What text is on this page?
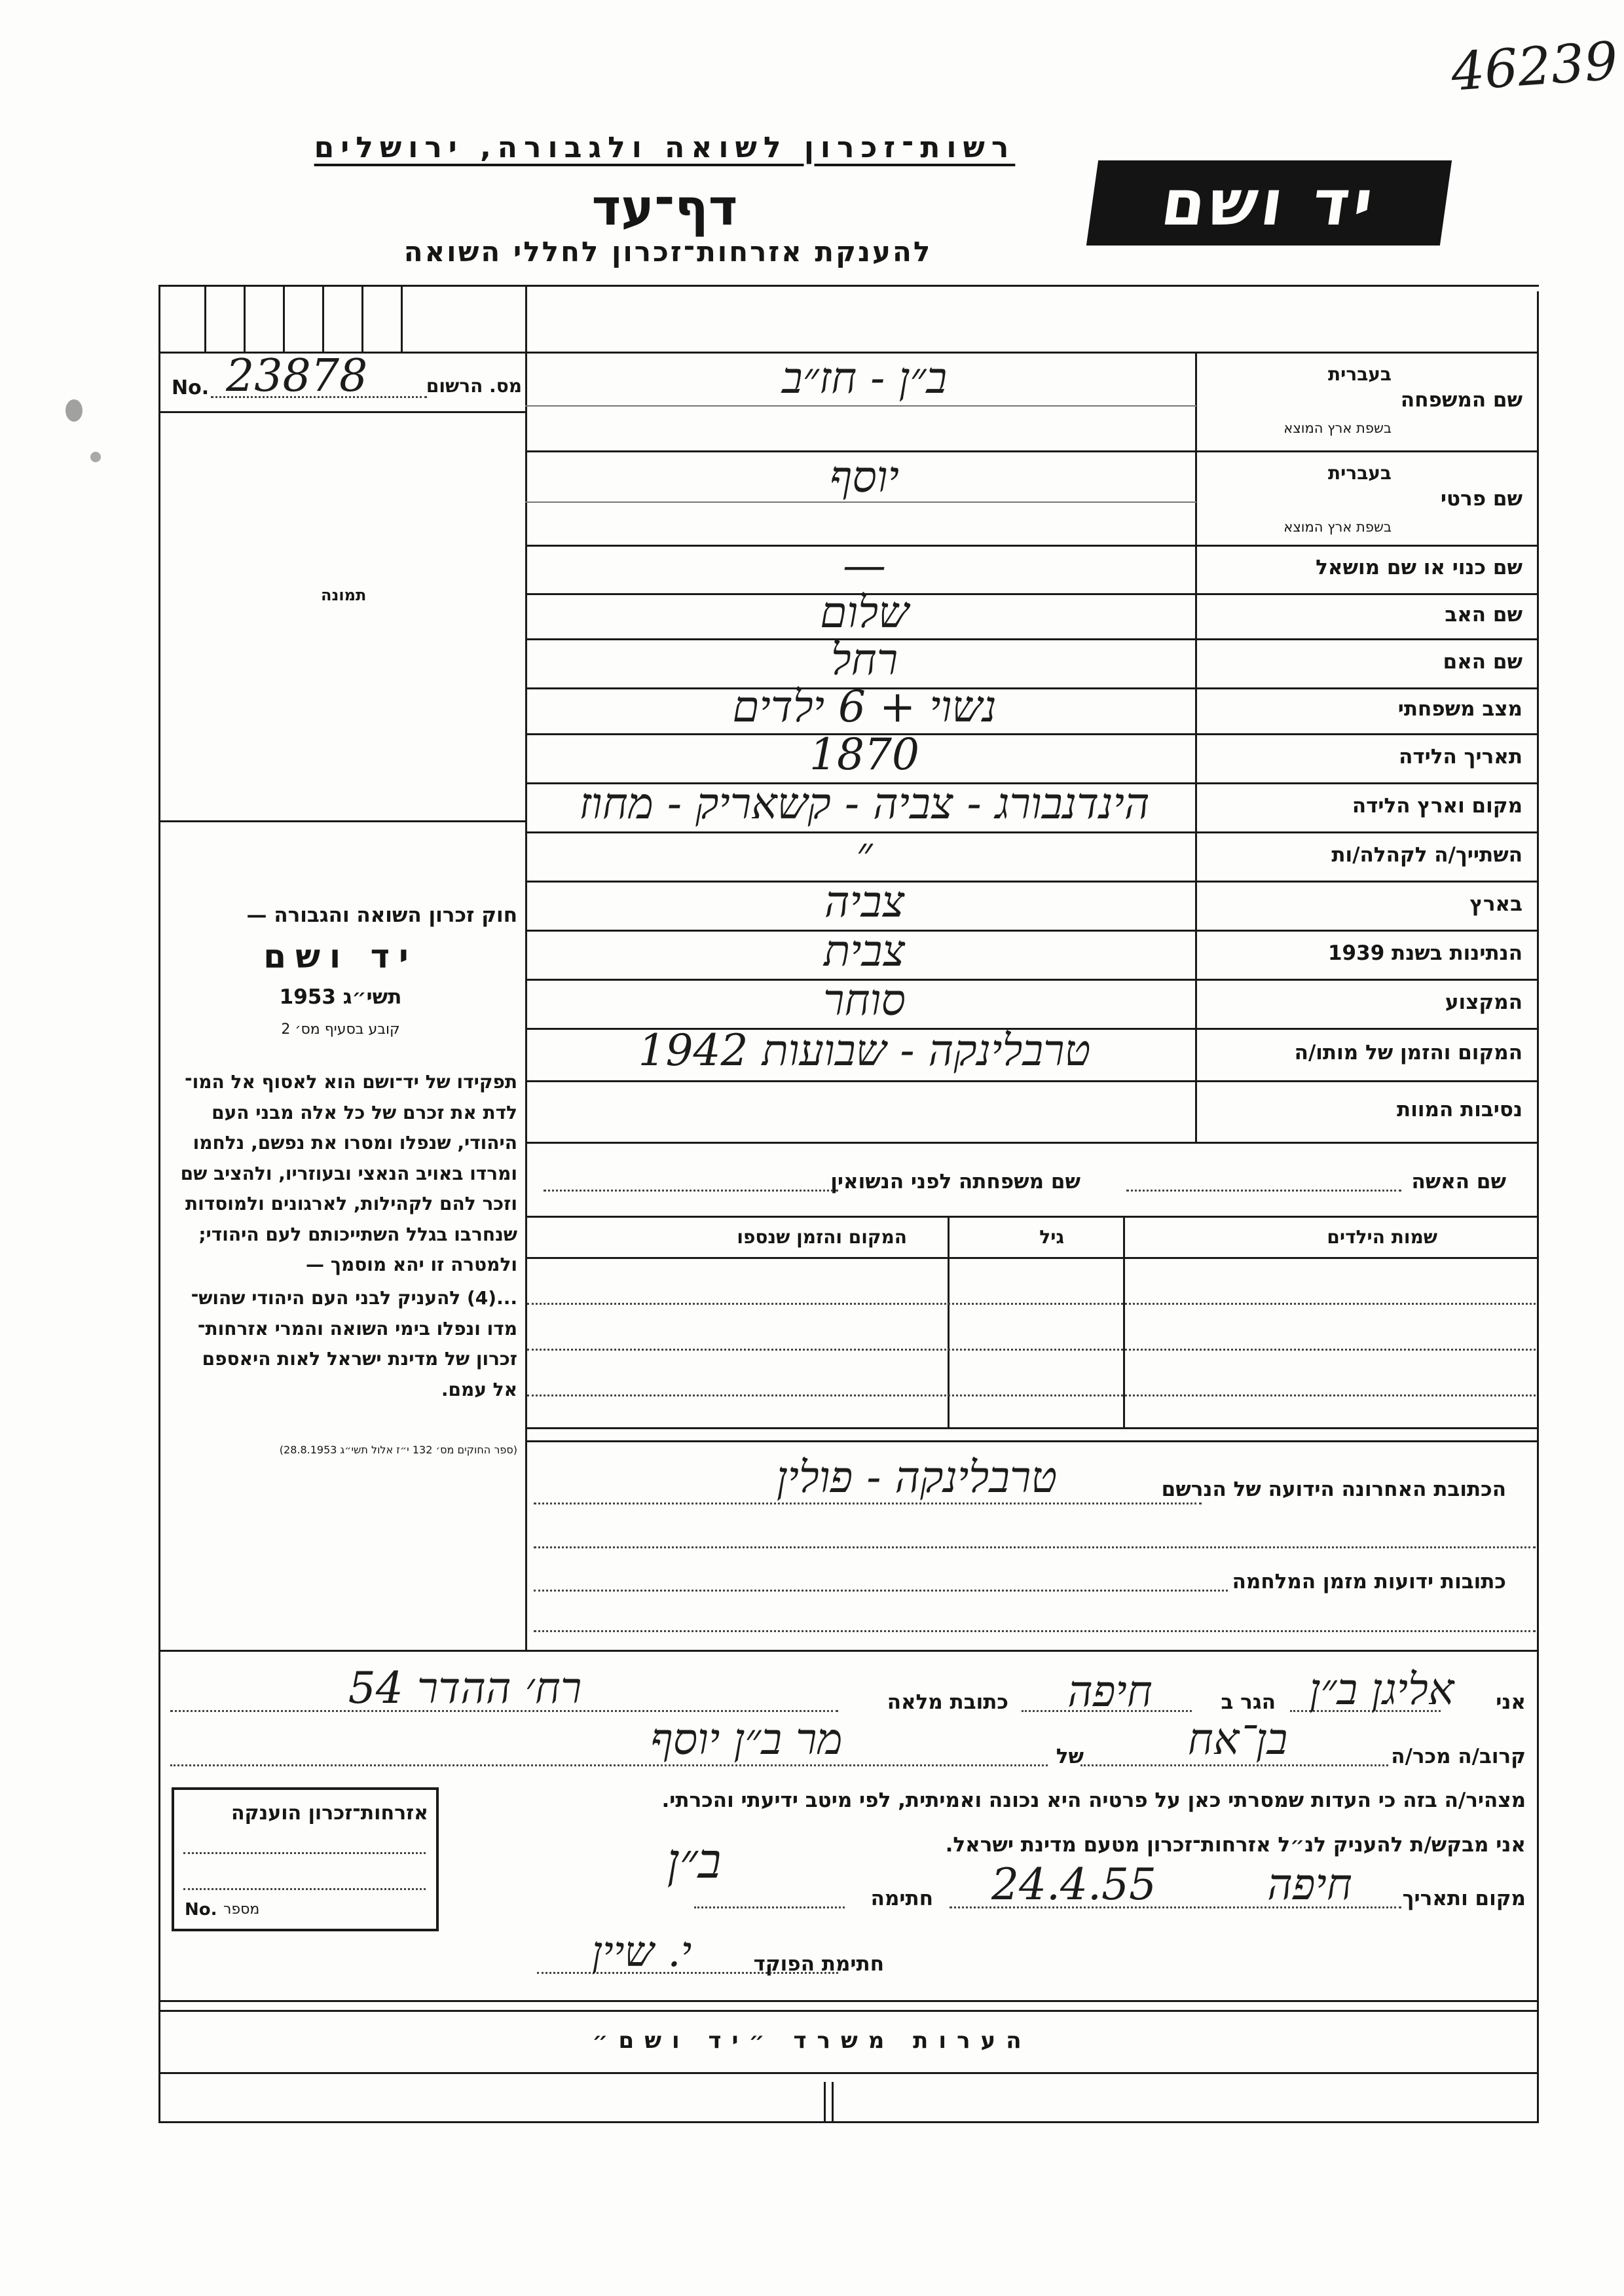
46239
רשות־זכרון לשואה ולגבורה, ירושלים
דף־עד
להענקת אזרחות־זכרון לחללי השואה
יד ושם
No. 23878	מס. הרשום
תמונה
שם המשפחה
בעברית
בשפת ארץ המוצא
ב״ן - חז״ב
שם פרטי
בעברית
בשפת ארץ המוצא
יוסף
שם כנוי או שם מושאל
—
שם האב
שלום
שם האם
רחל
מצב משפחתי
נשוי + 6 ילדים
תאריך הלידה
1870
מקום וארץ הלידה
הינדנבורג - צביה - קשאריק - מחוז
השתייך/ה לקהלה/ות
״
בארץ
צביה
הנתינות בשנת 1939
צבית
המקצוע
סוחר
המקום והזמן של מותו/ה
טרבלינקה - שבועות 1942
נסיבות המוות
חוק זכרון השואה והגבורה —
יד ושם
תשי״ג 1953
קובע בסעיף מס׳ 2
תפקידו של יד־ושם הוא לאסוף אל המו־
לדת את זכרם של כל אלה מבני העם
היהודי, שנפלו ומסרו את נפשם, נלחמו
ומרדו באויב הנאצי ובעוזריו, ולהציב שם
וזכר להם לקהילות, לארגונים ולמוסדות
שנחרבו בגלל השתייכותם לעם היהודי;
ולמטרה זו יהא מוסמך —
...(4) להעניק לבני העם היהודי שהוש־
מדו ונפלו בימי השואה והמרי אזרחות־
זכרון של מדינת ישראל לאות היאספם
אל עמם.
(ספר החוקים מס׳ 132 י״ז אלול תשי״ג 28.8.1953)
שם האשה
שם משפחתה לפני הנשואין
שמות הילדים
גיל
המקום והזמן שנספו
הכתובת האחרונה הידועה של הנרשם
טרבלינקה - פולין
כתובות ידועות מזמן המלחמה
אני
אליגן ב״ן
הגר ב
חיפה
כתובת מלאה
רח׳ ההדר 54
קרוב/ה מכר/ה
בן־אח
של
מר ב״ן יוסף
מצהיר/ה בזה כי העדות שמסרתי כאן על פרטיה היא נכונה ואמיתית, לפי מיטב ידיעתי והכרתי.
אני מבקש/ת להעניק לנ״ל אזרחות־זכרון מטעם מדינת ישראל.
מקום ותאריך
חיפה
24.4.55
חתימה
ב״ן
חתימת הפוקד
י. שיין
אזרחות־זכרון הוענקה
No. מספר
הערות משרד ״יד ושם״
